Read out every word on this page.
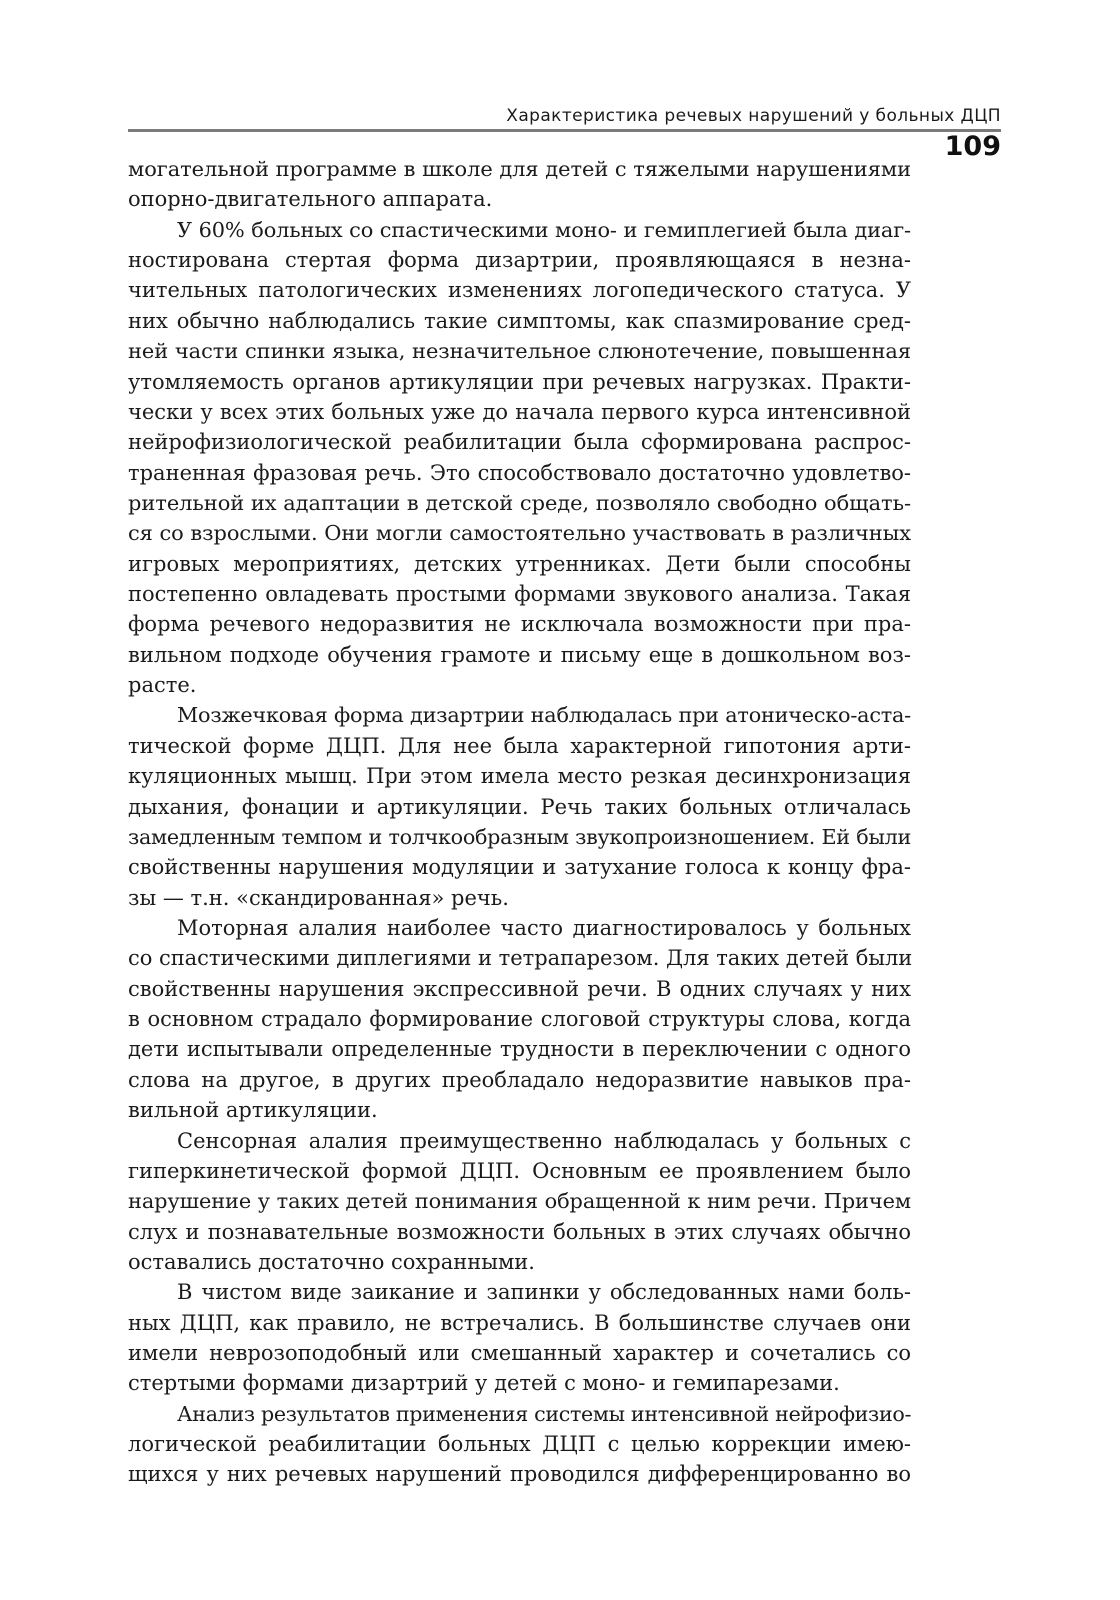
Характеристика речевых нарушений у больных ДЦП
109
могательной программе в школе для детей с тяжелыми нарушениями
опорно-двигательного аппарата.
У 60% больных со спастическими моно- и гемиплегией была диаг-
ностирована стертая форма дизартрии, проявляющаяся в незна-
чительных патологических изменениях логопедического статуса. У
них обычно наблюдались такие симптомы, как спазмирование сред-
ней части спинки языка, незначительное слюнотечение, повышенная
утомляемость органов артикуляции при речевых нагрузках. Практи-
чески у всех этих больных уже до начала первого курса интенсивной
нейрофизиологической реабилитации была сформирована распрос-
траненная фразовая речь. Это способствовало достаточно удовлетво-
рительной их адаптации в детской среде, позволяло свободно общать-
ся со взрослыми. Они могли самостоятельно участвовать в различных
игровых мероприятиях, детских утренниках. Дети были способны
постепенно овладевать простыми формами звукового анализа. Такая
форма речевого недоразвития не исключала возможности при пра-
вильном подходе обучения грамоте и письму еще в дошкольном воз-
расте.
Мозжечковая форма дизартрии наблюдалась при атоническо-аста-
тической форме ДЦП. Для нее была характерной гипотония арти-
куляционных мышц. При этом имела место резкая десинхронизация
дыхания, фонации и артикуляции. Речь таких больных отличалась
замедленным темпом и толчкообразным звукопроизношением. Ей были
свойственны нарушения модуляции и затухание голоса к концу фра-
зы — т.н. «скандированная» речь.
Моторная алалия наиболее часто диагностировалось у больных
со спастическими диплегиями и тетрапарезом. Для таких детей были
свойственны нарушения экспрессивной речи. В одних случаях у них
в основном страдало формирование слоговой структуры слова, когда
дети испытывали определенные трудности в переключении с одного
слова на другое, в других преобладало недоразвитие навыков пра-
вильной артикуляции.
Сенсорная алалия преимущественно наблюдалась у больных с
гиперкинетической формой ДЦП. Основным ее проявлением было
нарушение у таких детей понимания обращенной к ним речи. Причем
слух и познавательные возможности больных в этих случаях обычно
оставались достаточно сохранными.
В чистом виде заикание и запинки у обследованных нами боль-
ных ДЦП, как правило, не встречались. В большинстве случаев они
имели неврозоподобный или смешанный характер и сочетались со
стертыми формами дизартрий у детей с моно- и гемипарезами.
Анализ результатов применения системы интенсивной нейрофизио-
логической реабилитации больных ДЦП с целью коррекции имею-
щихся у них речевых нарушений проводился дифференцированно во
